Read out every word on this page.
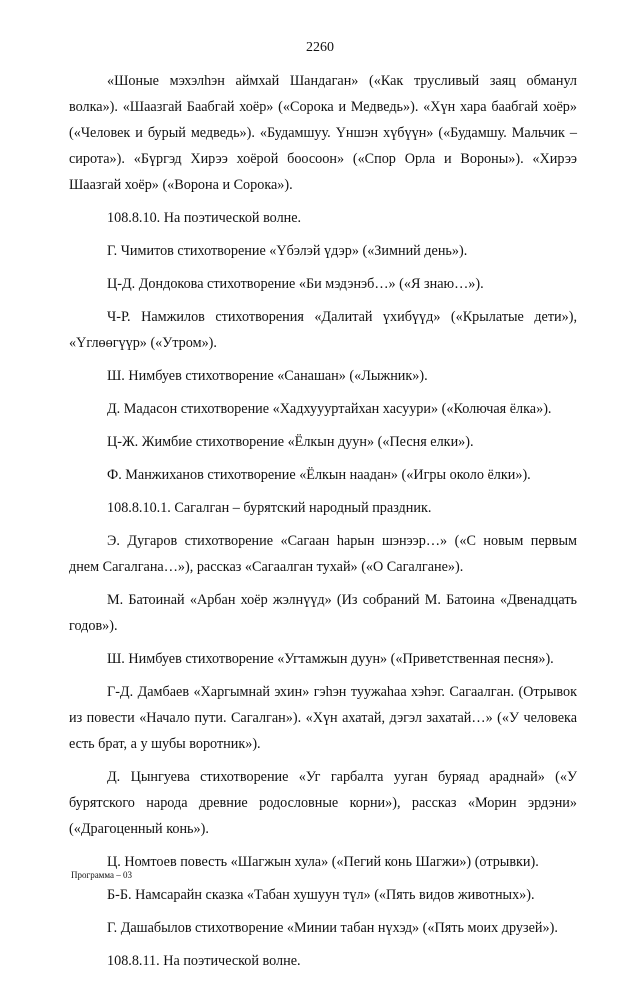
2260

«Шоные мэхэлhэн аймхай Шандаган» («Как трусливый заяц обманул волка»). «Шаазгай Баабгай хоёр» («Сорока и Медведь»). «Хүн хара баабгай хоёр» («Человек и бурый медведь»). «Будамшуу. Үншэн хүбүүн» («Будамшу. Мальчик – сирота»). «Бүргэд Хирээ хоёрой боосоон» («Спор Орла и Вороны»). «Хирээ Шаазгай хоёр» («Ворона и Сорока»).

108.8.10. На поэтической волне.

Г. Чимитов стихотворение «Үбэлэй үдэр» («Зимний день»).

Ц-Д. Дондокова стихотворение «Би мэдэнэб…» («Я знаю…»).

Ч-Р. Намжилов стихотворения «Далитай үхибүүд» («Крылатые дети»), «Үглөөгүүр» («Утром»).

Ш. Нимбуев стихотворение «Санашан» («Лыжник»).

Д. Мадасон стихотворение «Хадхуууртайхан хасуури» («Колючая ёлка»).

Ц-Ж. Жимбие стихотворение «Ёлкын дуун» («Песня елки»).

Ф. Манжиханов стихотворение «Ёлкын наадан» («Игры около ёлки»).

108.8.10.1. Сагалган – бурятский народный праздник.

Э. Дугаров стихотворение «Сагаан hарын шэнээр…» («С новым первым днем Сагалгана…»), рассказ «Сагаалган тухай» («О Сагалгане»).

М. Батоинай «Арбан хоёр жэлнүүд» (Из собраний М. Батоина «Двенадцать годов»).

Ш. Нимбуев стихотворение «Угтамжын дуун» («Приветственная песня»).

Г-Д. Дамбаев «Харгымнай эхин» гэhэн туужаhаа хэhэг. Сагаалган. (Отрывок из повести «Начало пути. Сагалган»). «Хүн ахатай, дэгэл захатай…» («У человека есть брат, а у шубы воротник»).

Д. Цынгуева стихотворение «Уг гарбалта ууган буряад араднай» («У бурятского народа древние родословные корни»), рассказ «Морин эрдэни» («Драгоценный конь»).

Ц. Номтоев повесть «Шагжын хула» («Пегий конь Шагжи») (отрывки).

Б-Б. Намсарайн сказка «Табан хушуун түл» («Пять видов животных»).

Г. Дашабылов стихотворение «Минии табан нүхэд» («Пять моих друзей»).

108.8.11. На поэтической волне.

Программа – 03
